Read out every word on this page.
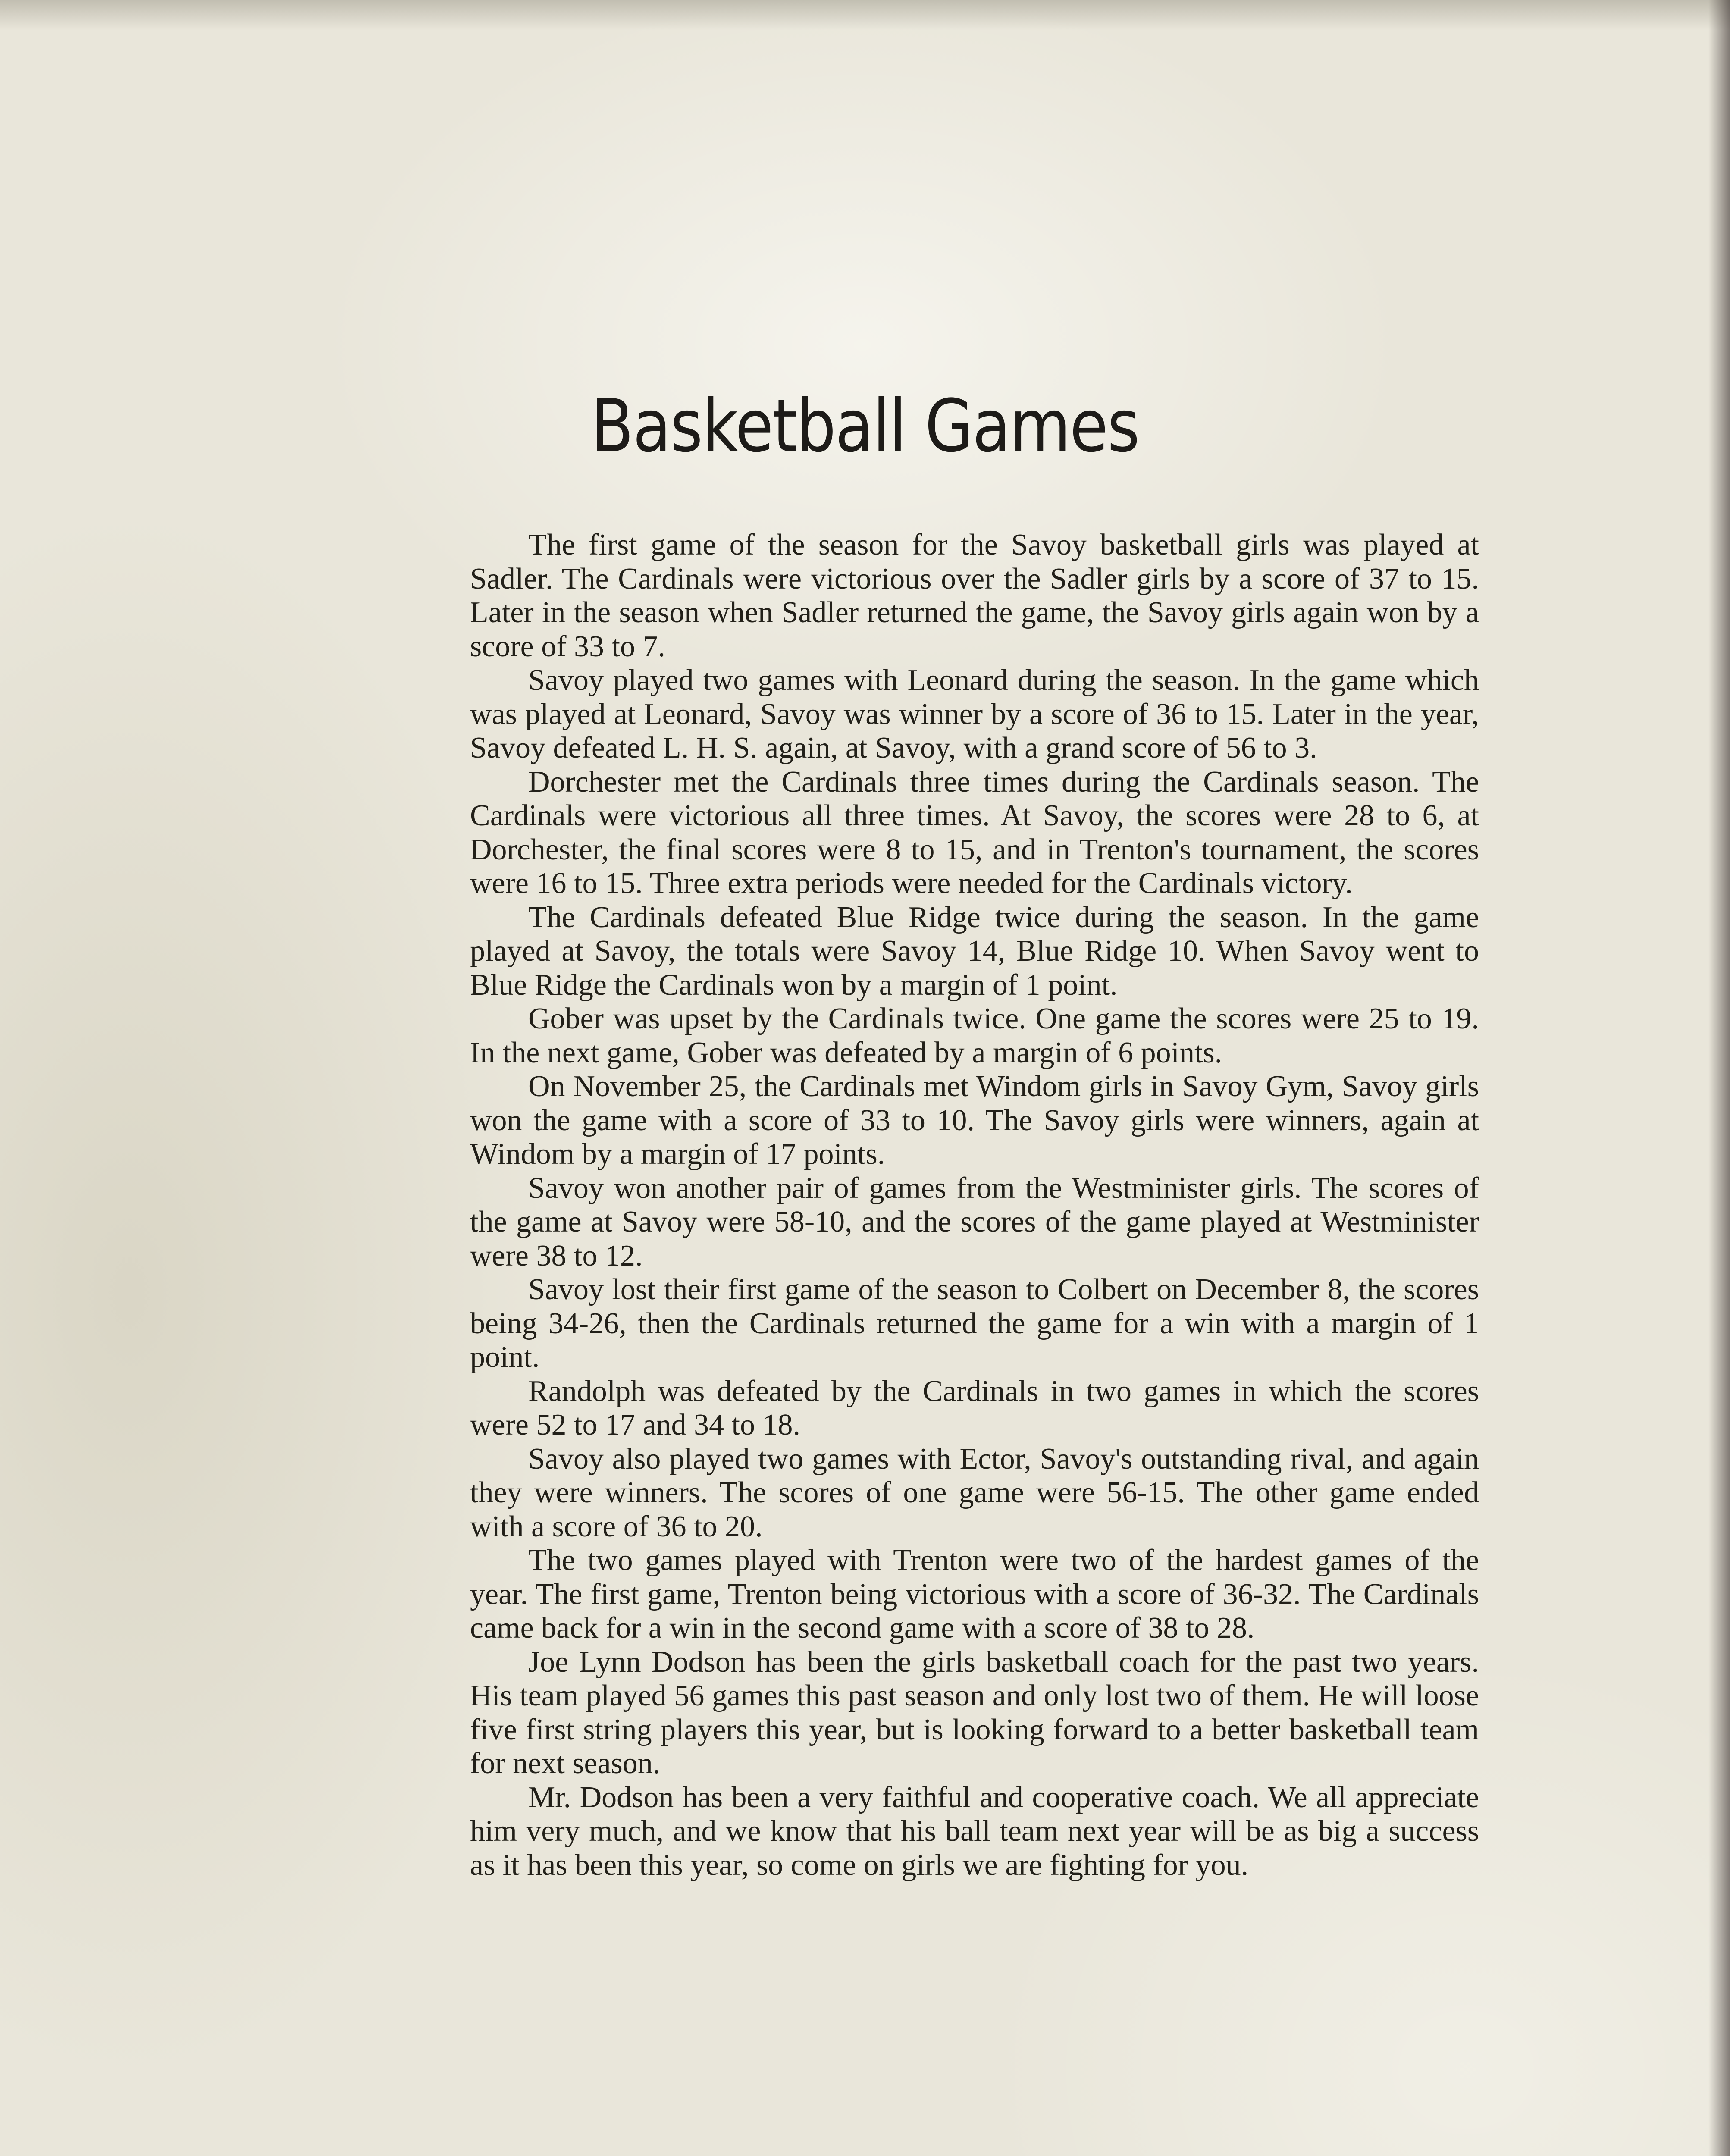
Basketball Games

The first game of the season for the Savoy basketball girls was played at Sadler. The Cardinals were victorious over the Sadler girls by a score of 37 to 15. Later in the season when Sadler returned the game, the Savoy girls again won by a score of 33 to 7.

Savoy played two games with Leonard during the season. In the game which was played at Leonard, Savoy was winner by a score of 36 to 15. Later in the year, Savoy defeated L. H. S. again, at Savoy, with a grand score of 56 to 3.

Dorchester met the Cardinals three times during the Cardinals season. The Cardinals were victorious all three times. At Savoy, the scores were 28 to 6, at Dorchester, the final scores were 8 to 15, and in Trenton's tournament, the scores were 16 to 15. Three extra periods were needed for the Cardinals victory.

The Cardinals defeated Blue Ridge twice during the season. In the game played at Savoy, the totals were Savoy 14, Blue Ridge 10. When Savoy went to Blue Ridge the Cardinals won by a margin of 1 point.

Gober was upset by the Cardinals twice. One game the scores were 25 to 19. In the next game, Gober was defeated by a margin of 6 points.

On November 25, the Cardinals met Windom girls in Savoy Gym, Savoy girls won the game with a score of 33 to 10. The Savoy girls were winners, again at Windom by a margin of 17 points.

Savoy won another pair of games from the Westminister girls. The scores of the game at Savoy were 58-10, and the scores of the game played at Westminister were 38 to 12.

Savoy lost their first game of the season to Colbert on December 8, the scores being 34-26, then the Cardinals returned the game for a win with a margin of 1 point.

Randolph was defeated by the Cardinals in two games in which the scores were 52 to 17 and 34 to 18.

Savoy also played two games with Ector, Savoy's outstanding rival, and again they were winners. The scores of one game were 56-15. The other game ended with a score of 36 to 20.

The two games played with Trenton were two of the hardest games of the year. The first game, Trenton being victorious with a score of 36-32. The Cardinals came back for a win in the second game with a score of 38 to 28.

Joe Lynn Dodson has been the girls basketball coach for the past two years. His team played 56 games this past season and only lost two of them. He will loose five first string players this year, but is looking forward to a better basketball team for next season.

Mr. Dodson has been a very faithful and cooperative coach. We all appreciate him very much, and we know that his ball team next year will be as big a success as it has been this year, so come on girls we are fighting for you.
